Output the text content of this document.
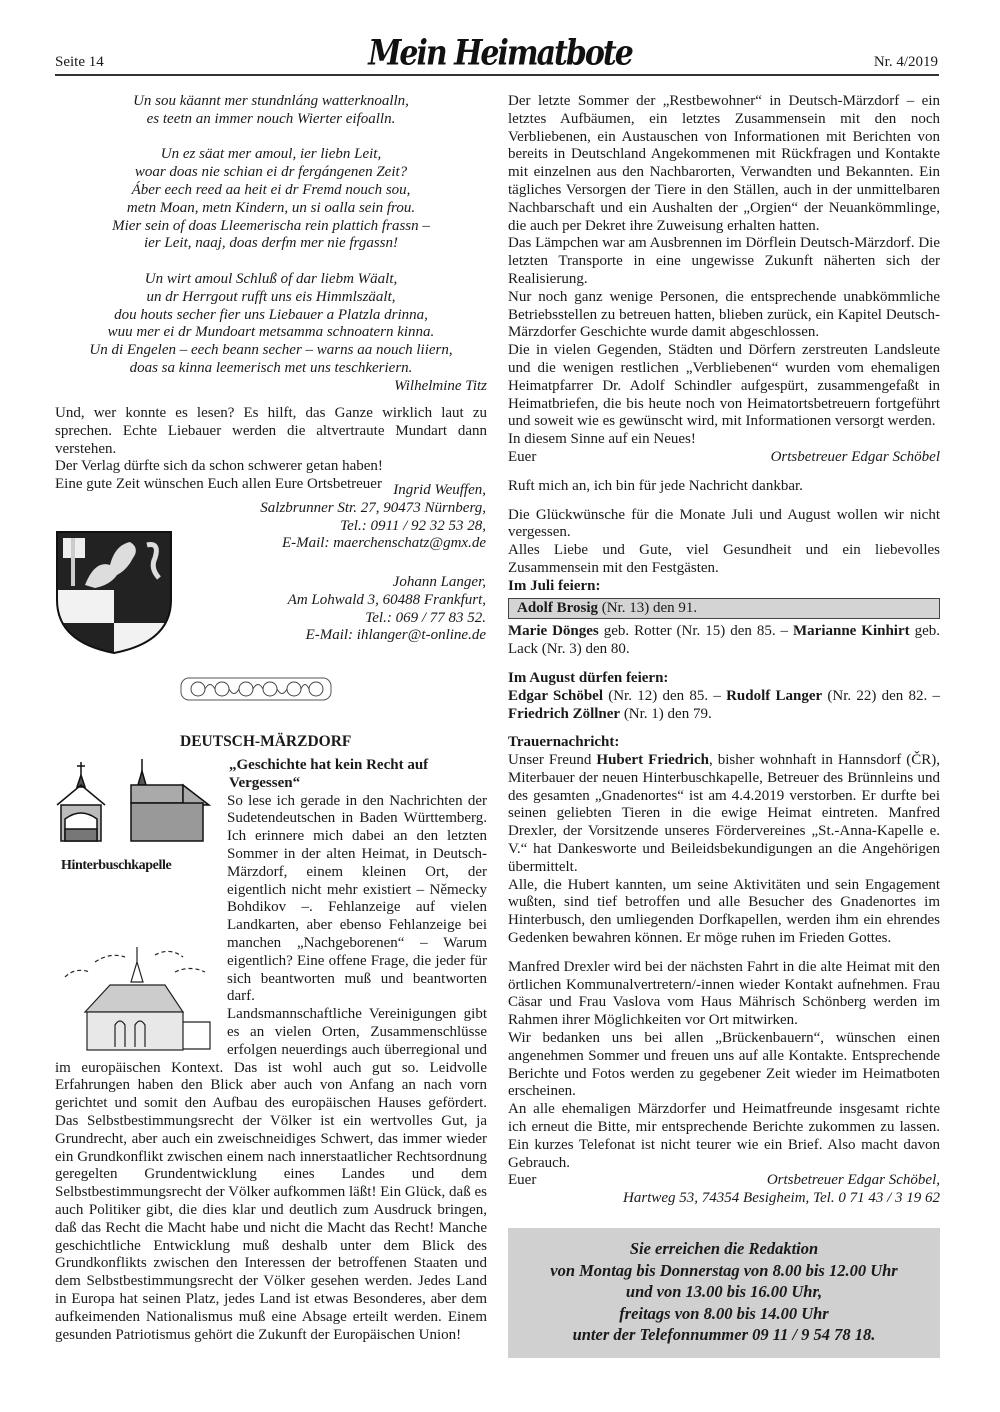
Seite 14	Mein Heimatbote	Nr. 4/2019
Un sou käannt mer stundnláng watterknoalln,
es teetn an immer nouch Wierter eifoalln.
Un ez säat mer amoul, ier liebn Leit,
woar doas nie schian ei dr fergángenen Zeit?
Áber eech reed aa heit ei dr Fremd nouch sou,
metn Moan, metn Kindern, un si oalla sein frou.
Mier sein of doas Lleemerischa rein plattich frassn –
ier Leit, naaj, doas derfm mer nie frgassn!
Un wirt amoul Schluß of dar liebm Wäalt,
un dr Herrgout rufft uns eis Himmlszäalt,
dou houts secher fier uns Liebauer a Platzla drinna,
wuu mer ei dr Mundoart metsamma schnoatern kinna.
Un di Engelen – eech beann secher – warns aa nouch liiern,
doas sa kinna leemerisch met uns teschkeriern.
Wilhelmine Titz

Und, wer konnte es lesen? Es hilft, das Ganze wirklich laut zu sprechen. Echte Liebauer werden die altvertraute Mundart dann verstehen.

Der Verlag dürfte sich da schon schwerer getan haben!

Eine gute Zeit wünschen Euch allen Eure Ortsbetreuer Ingrid Weuffen,
Salzbrunner Str. 27, 90473 Nürnberg,
Tel.: 0911 / 92 32 53 28,
E-Mail: maerchenschatz@gmx.de
Johann Langer,
Am Lohwald 3, 60488 Frankfurt,
Tel.: 069 / 77 83 52.
E-Mail: ihlanger@t-online.de
DEUTSCH-MÄRZDORF
Hinterbuschkapelle

„Geschichte hat kein Recht auf Vergessen“

So lese ich gerade in den Nachrichten der Sudetendeutschen in Baden Württemberg. Ich erinnere mich dabei an den letzten Sommer in der alten Heimat, in Deutsch-Märzdorf, einem kleinen Ort, der eigentlich nicht mehr existiert – Německy Bohdikov –. Fehlanzeige auf vielen Landkarten, aber ebenso Fehlanzeige bei manchen „Nachgeborenen“ – Warum eigentlich? Eine offene Frage, die jeder für sich beantworten muß und beantworten darf.

Landsmannschaftliche Vereinigungen gibt es an vielen Orten, Zusammenschlüsse erfolgen neuerdings auch überregional und im europäischen Kontext. Das ist wohl auch gut so. Leidvolle Erfahrungen haben den Blick aber auch von Anfang an nach vorn gerichtet und somit den Aufbau des europäischen Hauses gefördert. Das Selbstbestimmungsrecht der Völker ist ein wertvolles Gut, ja Grundrecht, aber auch ein zweischneidiges Schwert, das immer wieder ein Grundkonflikt zwischen einem nach innerstaatlicher Rechtsordnung geregelten Grundentwicklung eines Landes und dem Selbstbestimmungsrecht der Völker aufkommen läßt! Ein Glück, daß es auch Politiker gibt, die dies klar und deutlich zum Ausdruck bringen, daß das Recht die Macht habe und nicht die Macht das Recht! Manche geschichtliche Entwicklung muß deshalb unter dem Blick des Grundkonflikts zwischen den Interessen der betroffenen Staaten und dem Selbstbestimmungsrecht der Völker gesehen werden. Jedes Land in Europa hat seinen Platz, jedes Land ist etwas Besonderes, aber dem aufkeimenden Nationalismus muß eine Absage erteilt werden. Einem gesunden Patriotismus gehört die Zukunft der Europäischen Union!

Der letzte Sommer der „Restbewohner“ in Deutsch-Märzdorf – ein letztes Aufbäumen, ein letztes Zusammensein mit den noch Verbliebenen, ein Austauschen von Informationen mit Berichten von bereits in Deutschland Angekommenen mit Rückfragen und Kontakte mit einzelnen aus den Nachbarorten, Verwandten und Bekannten. Ein tägliches Versorgen der Tiere in den Ställen, auch in der unmittelbaren Nachbarschaft und ein Aushalten der „Orgien“ der Neuankömmlinge, die auch per Dekret ihre Zuweisung erhalten hatten.

Das Lämpchen war am Ausbrennen im Dörflein Deutsch-Märzdorf. Die letzten Transporte in eine ungewisse Zukunft näherten sich der Realisierung.

Nur noch ganz wenige Personen, die entsprechende unabkömmliche Betriebsstellen zu betreuen hatten, blieben zurück, ein Kapitel Deutsch-Märzdorfer Geschichte wurde damit abgeschlossen.

Die in vielen Gegenden, Städten und Dörfern zerstreuten Landsleute und die wenigen restlichen „Verbliebenen“ wurden vom ehemaligen Heimatpfarrer Dr. Adolf Schindler aufgespürt, zusammengefaßt in Heimatbriefen, die bis heute noch von Heimatortsbetreuern fortgeführt und soweit wie es gewünscht wird, mit Informationen versorgt werden.

In diesem Sinne auf ein Neues!

Euer	Ortsbetreuer Edgar Schöbel

Ruft mich an, ich bin für jede Nachricht dankbar.

Die Glückwünsche für die Monate Juli und August wollen wir nicht vergessen.

Alles Liebe und Gute, viel Gesundheit und ein liebevolles Zusammensein mit den Festgästen.

Im Juli feiern:

Adolf Brosig (Nr. 13) den 91.

Marie Dönges geb. Rotter (Nr. 15) den 85. – Marianne Kinhirt geb. Lack (Nr. 3) den 80.

Im August dürfen feiern:

Edgar Schöbel (Nr. 12) den 85. – Rudolf Langer (Nr. 22) den 82. – Friedrich Zöllner (Nr. 1) den 79.

Trauernachricht:

Unser Freund Hubert Friedrich, bisher wohnhaft in Hannsdorf (ČR), Miterbauer der neuen Hinterbuschkapelle, Betreuer des Brünnleins und des gesamten „Gnadenortes“ ist am 4.4.2019 verstorben. Er durfte bei seinen geliebten Tieren in die ewige Heimat eintreten. Manfred Drexler, der Vorsitzende unseres Fördervereines „St.-Anna-Kapelle e. V.“ hat Dankesworte und Beileidsbekundigungen an die Angehörigen übermittelt.

Alle, die Hubert kannten, um seine Aktivitäten und sein Engagement wußten, sind tief betroffen und alle Besucher des Gnadenortes im Hinterbusch, den umliegenden Dorfkapellen, werden ihm ein ehrendes Gedenken bewahren können. Er möge ruhen im Frieden Gottes.

Manfred Drexler wird bei der nächsten Fahrt in die alte Heimat mit den örtlichen Kommunalvertretern/-innen wieder Kontakt aufnehmen. Frau Cäsar und Frau Vaslova vom Haus Mährisch Schönberg werden im Rahmen ihrer Möglichkeiten vor Ort mitwirken.

Wir bedanken uns bei allen „Brückenbauern“, wünschen einen angenehmen Sommer und freuen uns auf alle Kontakte. Entsprechende Berichte und Fotos werden zu gegebener Zeit wieder im Heimatboten erscheinen.

An alle ehemaligen Märzdorfer und Heimatfreunde insgesamt richte ich erneut die Bitte, mir entsprechende Berichte zukommen zu lassen. Ein kurzes Telefonat ist nicht teurer wie ein Brief. Also macht davon Gebrauch.

Euer	Ortsbetreuer Edgar Schöbel,

Hartweg 53, 74354 Besigheim, Tel. 0 71 43 / 3 19 62

Sie erreichen die Redaktion
von Montag bis Donnerstag von 8.00 bis 12.00 Uhr
und von 13.00 bis 16.00 Uhr,
freitags von 8.00 bis 14.00 Uhr
unter der Telefonnummer 09 11 / 9 54 78 18.
